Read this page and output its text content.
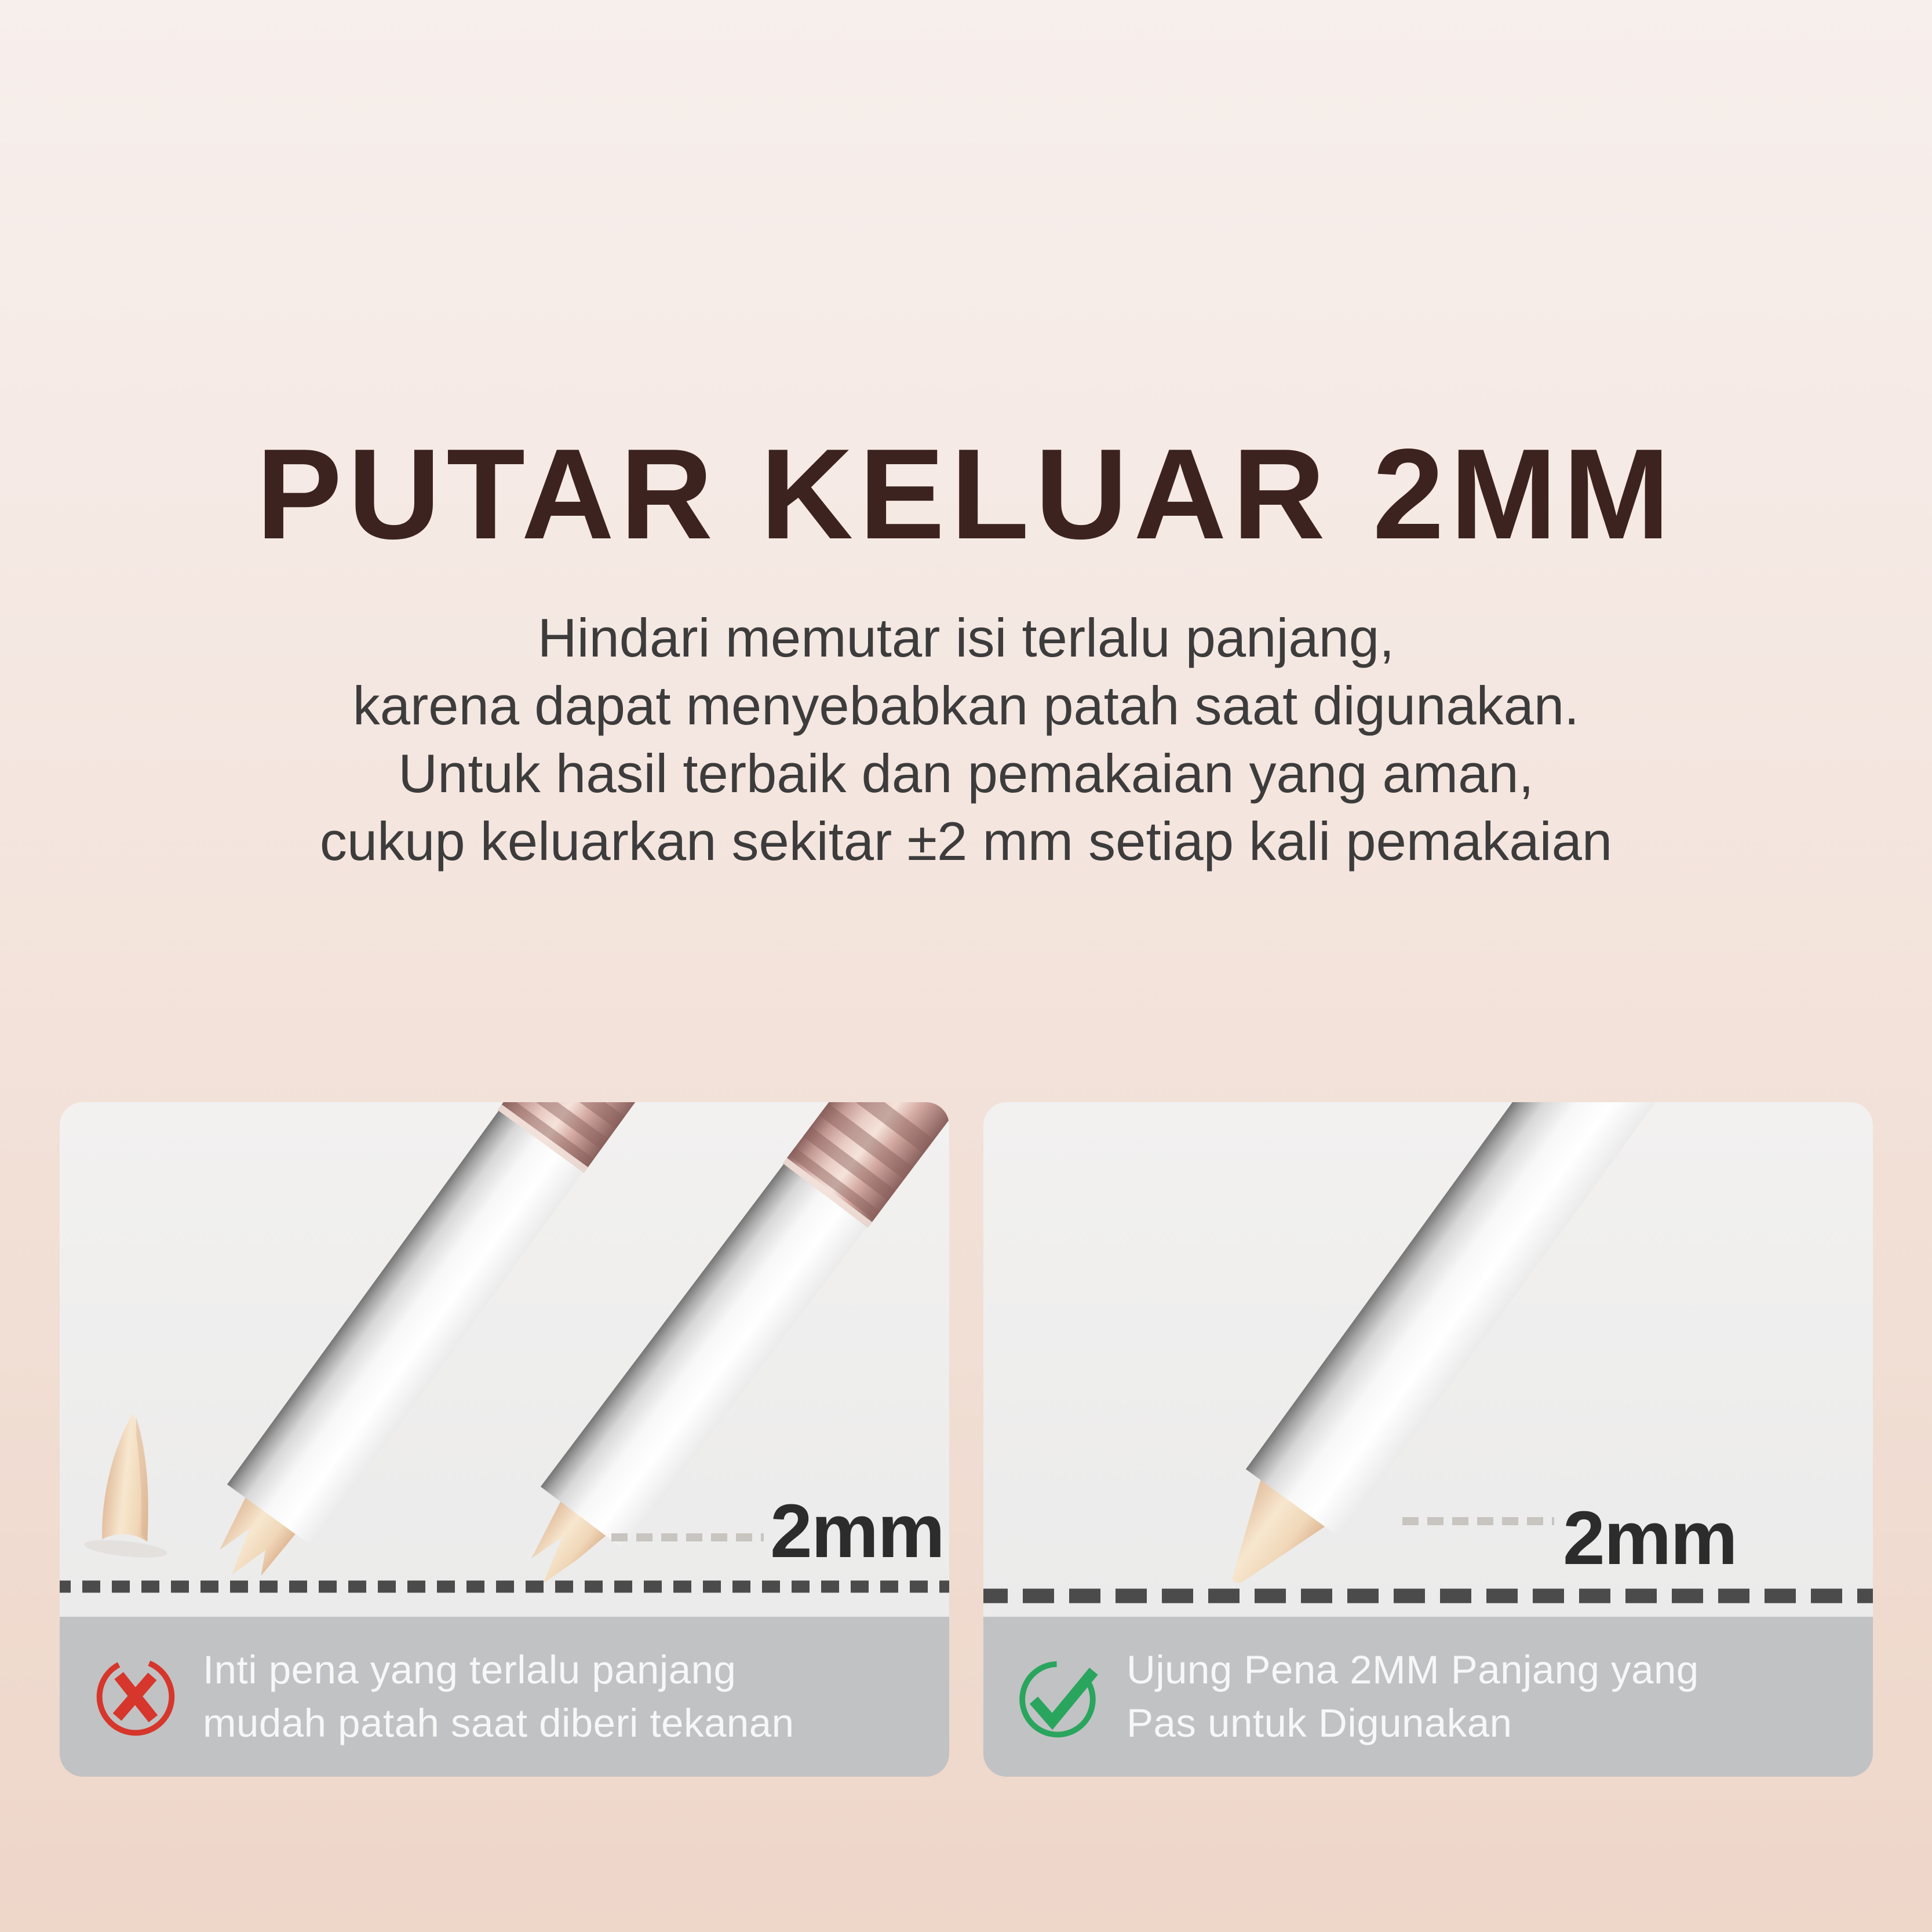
PUTAR KELUAR 2MM
Hindari memutar isi terlalu panjang,
karena dapat menyebabkan patah saat digunakan.
Untuk hasil terbaik dan pemakaian yang aman,
cukup keluarkan sekitar ±2 mm setiap kali pemakaian
2mm
Inti pena yang terlalu panjang
mudah patah saat diberi tekanan
2mm
Ujung Pena 2MM Panjang yang
Pas untuk Digunakan
